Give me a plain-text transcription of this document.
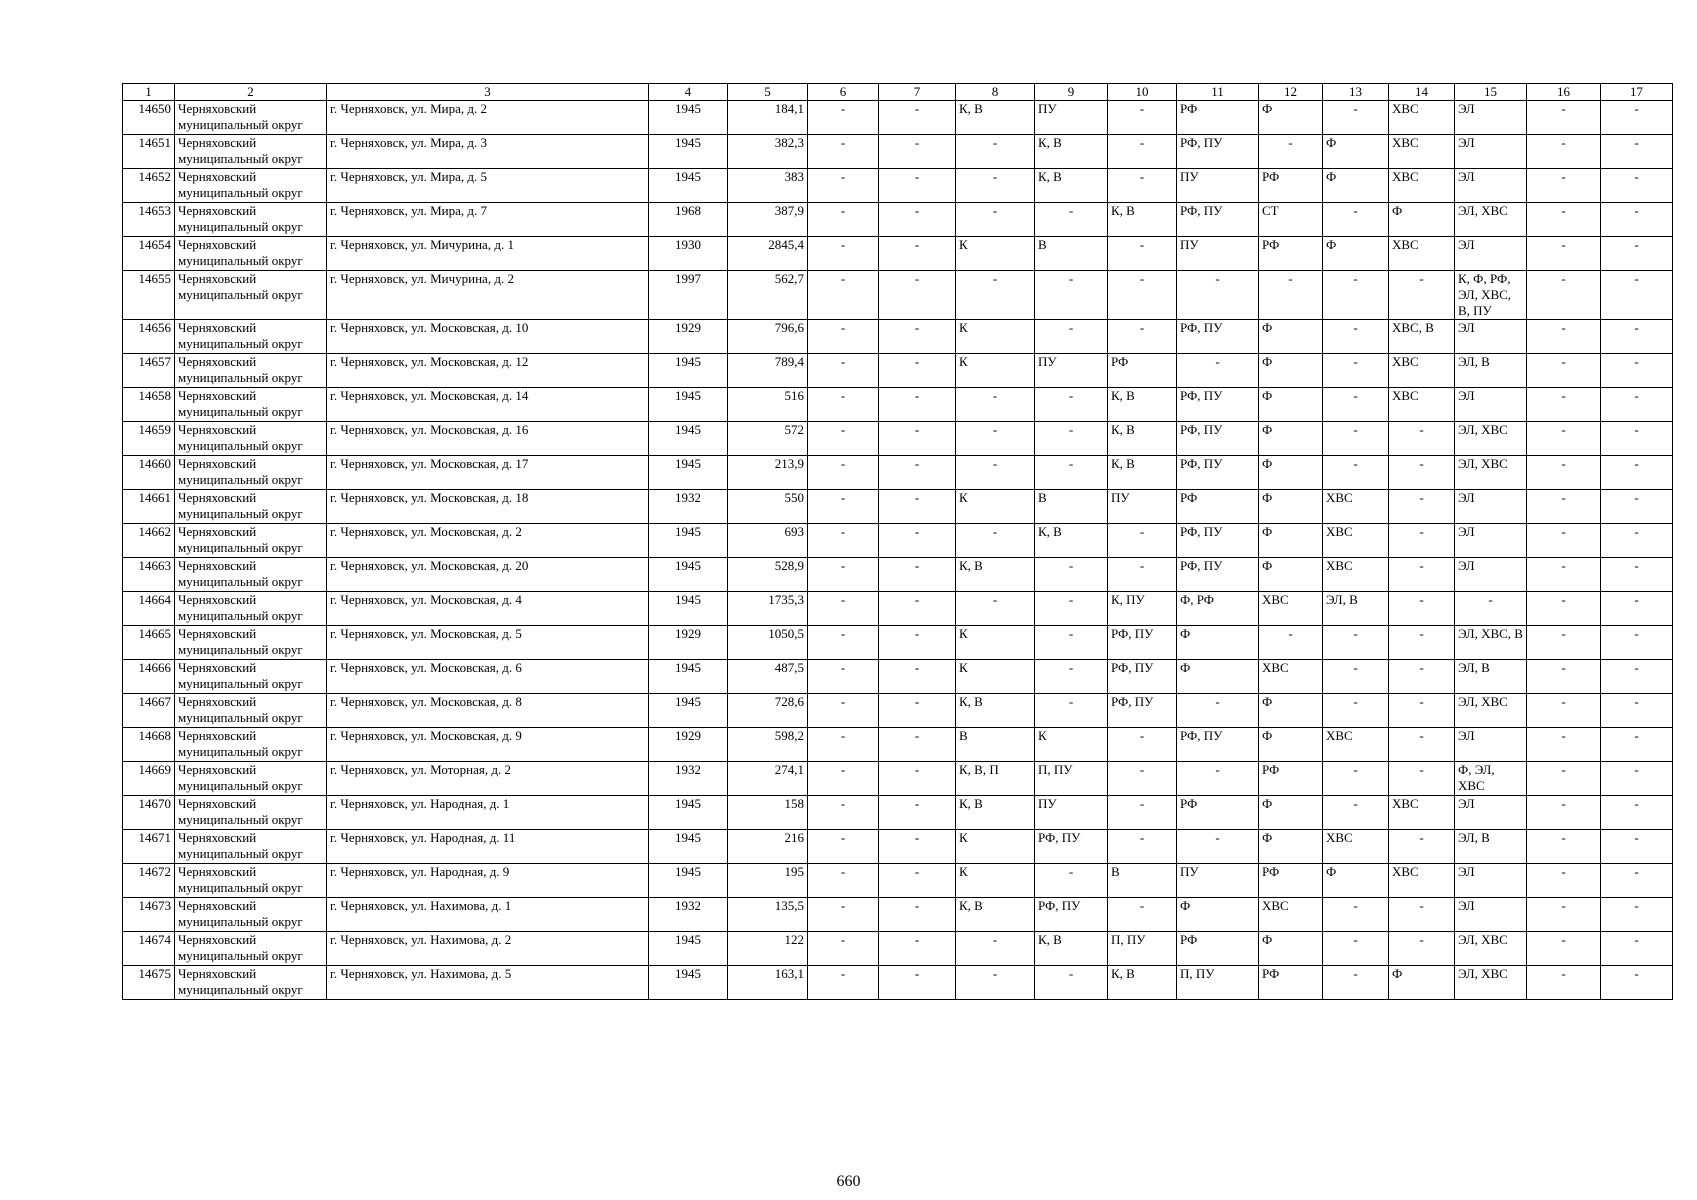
1	2	3	4	5	6	7	8	9	10	11	12	13	14	15	16	17
14650	Черняховский муниципальный округ	г. Черняховск, ул. Мира, д. 2	1945	184,1	-	-	К, В	ПУ	-	РФ	Ф	-	ХВС	ЭЛ	-	-
14651	Черняховский муниципальный округ	г. Черняховск, ул. Мира, д. 3	1945	382,3	-	-	-	К, В	-	РФ, ПУ	-	Ф	ХВС	ЭЛ	-	-
14652	Черняховский муниципальный округ	г. Черняховск, ул. Мира, д. 5	1945	383	-	-	-	К, В	-	ПУ	РФ	Ф	ХВС	ЭЛ	-	-
14653	Черняховский муниципальный округ	г. Черняховск, ул. Мира, д. 7	1968	387,9	-	-	-	-	К, В	РФ, ПУ	СТ	-	Ф	ЭЛ, ХВС	-	-
14654	Черняховский муниципальный округ	г. Черняховск, ул. Мичурина, д. 1	1930	2845,4	-	-	К	В	-	ПУ	РФ	Ф	ХВС	ЭЛ	-	-
14655	Черняховский муниципальный округ	г. Черняховск, ул. Мичурина, д. 2	1997	562,7	-	-	-	-	-	-	-	-	-	К, Ф, РФ, ЭЛ, ХВС, В, ПУ	-	-
14656	Черняховский муниципальный округ	г. Черняховск, ул. Московская, д. 10	1929	796,6	-	-	К	-	-	РФ, ПУ	Ф	-	ХВС, В	ЭЛ	-	-
14657	Черняховский муниципальный округ	г. Черняховск, ул. Московская, д. 12	1945	789,4	-	-	К	ПУ	РФ	-	Ф	-	ХВС	ЭЛ, В	-	-
14658	Черняховский муниципальный округ	г. Черняховск, ул. Московская, д. 14	1945	516	-	-	-	-	К, В	РФ, ПУ	Ф	-	ХВС	ЭЛ	-	-
14659	Черняховский муниципальный округ	г. Черняховск, ул. Московская, д. 16	1945	572	-	-	-	-	К, В	РФ, ПУ	Ф	-	-	ЭЛ, ХВС	-	-
14660	Черняховский муниципальный округ	г. Черняховск, ул. Московская, д. 17	1945	213,9	-	-	-	-	К, В	РФ, ПУ	Ф	-	-	ЭЛ, ХВС	-	-
14661	Черняховский муниципальный округ	г. Черняховск, ул. Московская, д. 18	1932	550	-	-	К	В	ПУ	РФ	Ф	ХВС	-	ЭЛ	-	-
14662	Черняховский муниципальный округ	г. Черняховск, ул. Московская, д. 2	1945	693	-	-	-	К, В	-	РФ, ПУ	Ф	ХВС	-	ЭЛ	-	-
14663	Черняховский муниципальный округ	г. Черняховск, ул. Московская, д. 20	1945	528,9	-	-	К, В	-	-	РФ, ПУ	Ф	ХВС	-	ЭЛ	-	-
14664	Черняховский муниципальный округ	г. Черняховск, ул. Московская, д. 4	1945	1735,3	-	-	-	-	К, ПУ	Ф, РФ	ХВС	ЭЛ, В	-	-	-	-
14665	Черняховский муниципальный округ	г. Черняховск, ул. Московская, д. 5	1929	1050,5	-	-	К	-	РФ, ПУ	Ф	-	-	-	ЭЛ, ХВС, В	-	-
14666	Черняховский муниципальный округ	г. Черняховск, ул. Московская, д. 6	1945	487,5	-	-	К	-	РФ, ПУ	Ф	ХВС	-	-	ЭЛ, В	-	-
14667	Черняховский муниципальный округ	г. Черняховск, ул. Московская, д. 8	1945	728,6	-	-	К, В	-	РФ, ПУ	-	Ф	-	-	ЭЛ, ХВС	-	-
14668	Черняховский муниципальный округ	г. Черняховск, ул. Московская, д. 9	1929	598,2	-	-	В	К	-	РФ, ПУ	Ф	ХВС	-	ЭЛ	-	-
14669	Черняховский муниципальный округ	г. Черняховск, ул. Моторная, д. 2	1932	274,1	-	-	К, В, П	П, ПУ	-	-	РФ	-	-	Ф, ЭЛ, ХВС	-	-
14670	Черняховский муниципальный округ	г. Черняховск, ул. Народная, д. 1	1945	158	-	-	К, В	ПУ	-	РФ	Ф	-	ХВС	ЭЛ	-	-
14671	Черняховский муниципальный округ	г. Черняховск, ул. Народная, д. 11	1945	216	-	-	К	РФ, ПУ	-	-	Ф	ХВС	-	ЭЛ, В	-	-
14672	Черняховский муниципальный округ	г. Черняховск, ул. Народная, д. 9	1945	195	-	-	К	-	В	ПУ	РФ	Ф	ХВС	ЭЛ	-	-
14673	Черняховский муниципальный округ	г. Черняховск, ул. Нахимова, д. 1	1932	135,5	-	-	К, В	РФ, ПУ	-	Ф	ХВС	-	-	ЭЛ	-	-
14674	Черняховский муниципальный округ	г. Черняховск, ул. Нахимова, д. 2	1945	122	-	-	-	К, В	П, ПУ	РФ	Ф	-	-	ЭЛ, ХВС	-	-
14675	Черняховский муниципальный округ	г. Черняховск, ул. Нахимова, д. 5	1945	163,1	-	-	-	-	К, В	П, ПУ	РФ	-	Ф	ЭЛ, ХВС	-	-
660
